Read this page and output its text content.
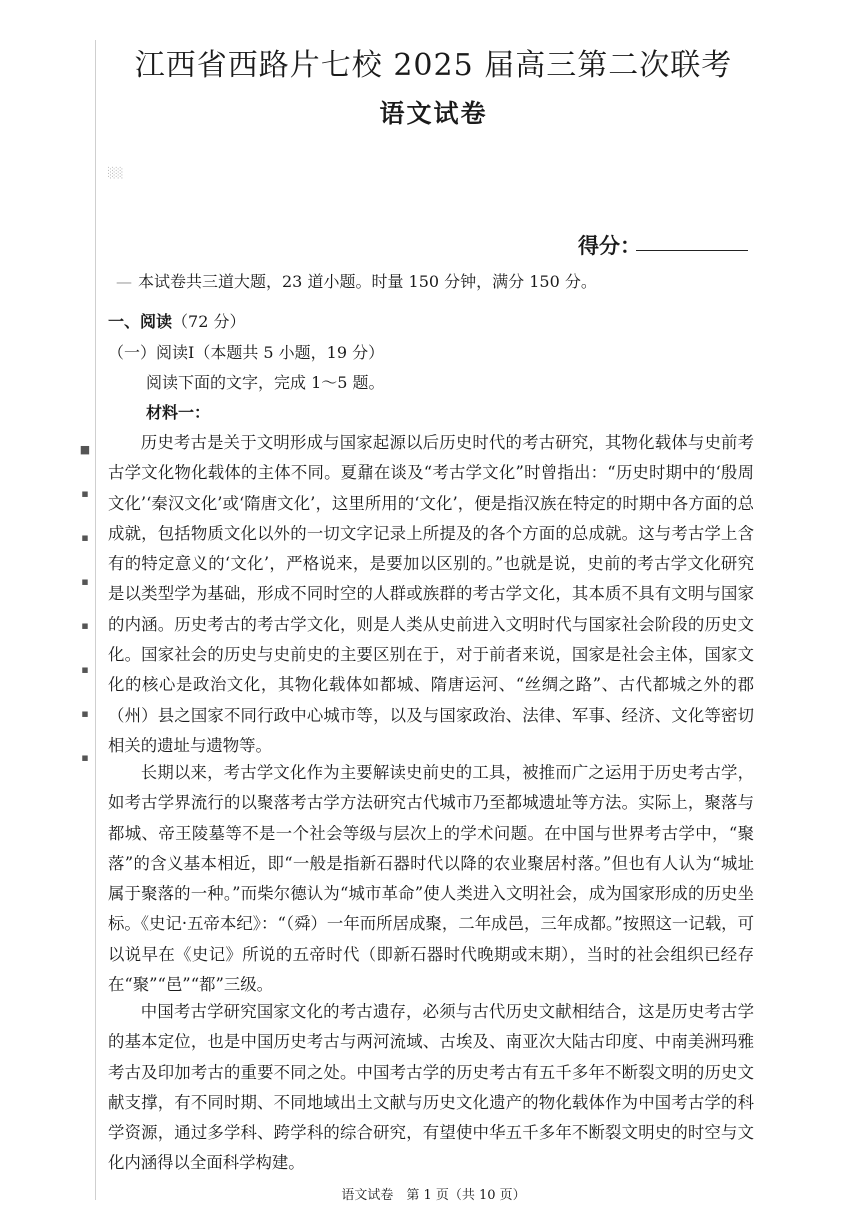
■
▪
▪
▪
▪
▪
▪
▪
江西省西路片七校 2025 届高三第二次联考
语文试卷
░░
得分：
— 本试卷共三道大题，23 道小题。时量 150 分钟，满分 150 分。
一、阅读（72 分）
（一）阅读Ⅰ（本题共 5 小题，19 分）
阅读下面的文字，完成 1～5 题。
材料一：

历史考古是关于文明形成与国家起源以后历史时代的考古研究，其物化载体与史前考古学文化物化载体的主体不同。夏鼐在谈及“考古学文化”时曾指出：“历史时期中的‘殷周文化’‘秦汉文化’或‘隋唐文化’，这里所用的‘文化’，便是指汉族在特定的时期中各方面的总成就，包括物质文化以外的一切文字记录上所提及的各个方面的总成就。这与考古学上含有的特定意义的‘文化’，严格说来，是要加以区别的。”也就是说，史前的考古学文化研究是以类型学为基础，形成不同时空的人群或族群的考古学文化，其本质不具有文明与国家的内涵。历史考古的考古学文化，则是人类从史前进入文明时代与国家社会阶段的历史文化。国家社会的历史与史前史的主要区别在于，对于前者来说，国家是社会主体，国家文化的核心是政治文化，其物化载体如都城、隋唐运河、“丝绸之路”、古代都城之外的郡（州）县之国家不同行政中心城市等，以及与国家政治、法律、军事、经济、文化等密切相关的遗址与遗物等。

长期以来，考古学文化作为主要解读史前史的工具，被推而广之运用于历史考古学，如考古学界流行的以聚落考古学方法研究古代城市乃至都城遗址等方法。实际上，聚落与都城、帝王陵墓等不是一个社会等级与层次上的学术问题。在中国与世界考古学中，“聚落”的含义基本相近，即“一般是指新石器时代以降的农业聚居村落。”但也有人认为“城址属于聚落的一种。”而柴尔德认为“城市革命”使人类进入文明社会，成为国家形成的历史坐标。《史记·五帝本纪》：“（舜）一年而所居成聚，二年成邑，三年成都。”按照这一记载，可以说早在《史记》所说的五帝时代（即新石器时代晚期或末期），当时的社会组织已经存在“聚”“邑”“都”三级。

中国考古学研究国家文化的考古遗存，必须与古代历史文献相结合，这是历史考古学的基本定位，也是中国历史考古与两河流域、古埃及、南亚次大陆古印度、中南美洲玛雅考古及印加考古的重要不同之处。中国考古学的历史考古有五千多年不断裂文明的历史文献支撑，有不同时期、不同地域出土文献与历史文化遗产的物化载体作为中国考古学的科学资源，通过多学科、跨学科的综合研究，有望使中华五千多年不断裂文明史的时空与文化内涵得以全面科学构建。

语文试卷　第 1 页（共 10 页）
